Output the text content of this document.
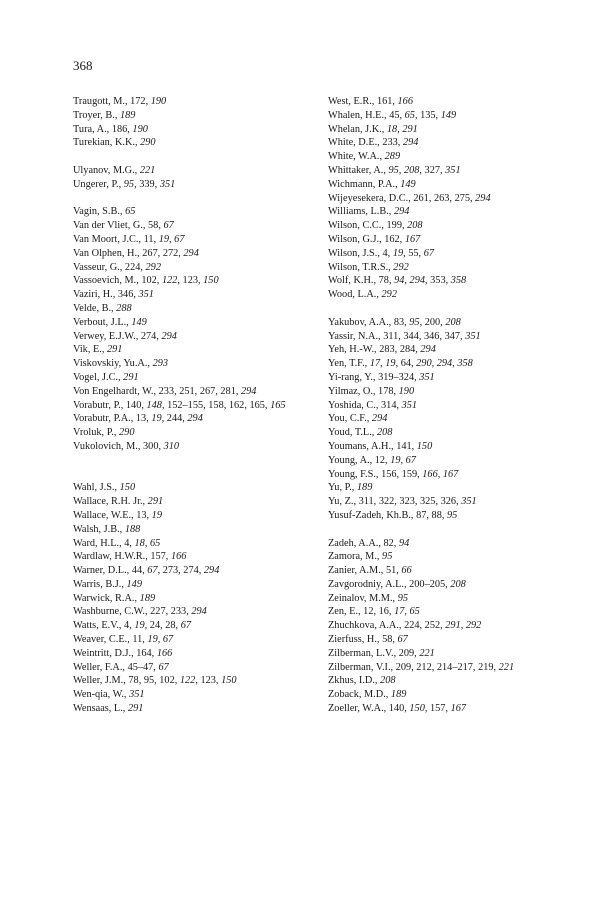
368
Traugott, M., 172, 190
Troyer, B., 189
Tura, A., 186, 190
Turekian, K.K., 290
Ulyanov, M.G., 221
Ungerer, P., 95, 339, 351
Vagin, S.B., 65
Van der Vliet, G., 58, 67
Van Moort, J.C., 11, 19, 67
Van Olphen, H., 267, 272, 294
Vasseur, G., 224, 292
Vassoevich, M., 102, 122, 123, 150
Vaziri, H., 346, 351
Velde, B., 288
Verbout, J.L., 149
Verwey, E.J.W., 274, 294
Vik, E., 291
Viskovskiy, Yu.A., 293
Vogel, J.C., 291
Von Engelhardt, W., 233, 251, 267, 281, 294
Vorabutr, P., 140, 148, 152–155, 158, 162, 165, 165
Vorabutr, P.A., 13, 19, 244, 294
Vroluk, P., 290
Vukolovich, M., 300, 310
Wahl, J.S., 150
Wallace, R.H. Jr., 291
Wallace, W.E., 13, 19
Walsh, J.B., 188
Ward, H.L., 4, 18, 65
Wardlaw, H.W.R., 157, 166
Warner, D.L., 44, 67, 273, 274, 294
Warris, B.J., 149
Warwick, R.A., 189
Washburne, C.W., 227, 233, 294
Watts, E.V., 4, 19, 24, 28, 67
Weaver, C.E., 11, 19, 67
Weintritt, D.J., 164, 166
Weller, F.A., 45–47, 67
Weller, J.M., 78, 95, 102, 122, 123, 150
Wen-qia, W., 351
Wensaas, L., 291
West, E.R., 161, 166
Whalen, H.E., 45, 65, 135, 149
Whelan, J.K., 18, 291
White, D.E., 233, 294
White, W.A., 289
Whittaker, A., 95, 208, 327, 351
Wichmann, P.A., 149
Wijeyesekera, D.C., 261, 263, 275, 294
Williams, L.B., 294
Wilson, C.C., 199, 208
Wilson, G.J., 162, 167
Wilson, J.S., 4, 19, 55, 67
Wilson, T.R.S., 292
Wolf, K.H., 78, 94, 294, 353, 358
Wood, L.A., 292
Yakubov, A.A., 83, 95, 200, 208
Yassir, N.A., 311, 344, 346, 347, 351
Yeh, H.-W., 283, 284, 294
Yen, T.F., 17, 19, 64, 290, 294, 358
Yi-rang, Y., 319–324, 351
Yilmaz, O., 178, 190
Yoshida, C., 314, 351
You, C.F., 294
Youd, T.L., 208
Youmans, A.H., 141, 150
Young, A., 12, 19, 67
Young, F.S., 156, 159, 166, 167
Yu, P., 189
Yu, Z., 311, 322, 323, 325, 326, 351
Yusuf-Zadeh, Kh.B., 87, 88, 95
Zadeh, A.A., 82, 94
Zamora, M., 95
Zanier, A.M., 51, 66
Zavgorodniy, A.L., 200–205, 208
Zeinalov, M.M., 95
Zen, E., 12, 16, 17, 65
Zhuchkova, A.A., 224, 252, 291, 292
Zierfuss, H., 58, 67
Zilberman, L.V., 209, 221
Zilberman, V.I., 209, 212, 214–217, 219, 221
Zkhus, I.D., 208
Zoback, M.D., 189
Zoeller, W.A., 140, 150, 157, 167
